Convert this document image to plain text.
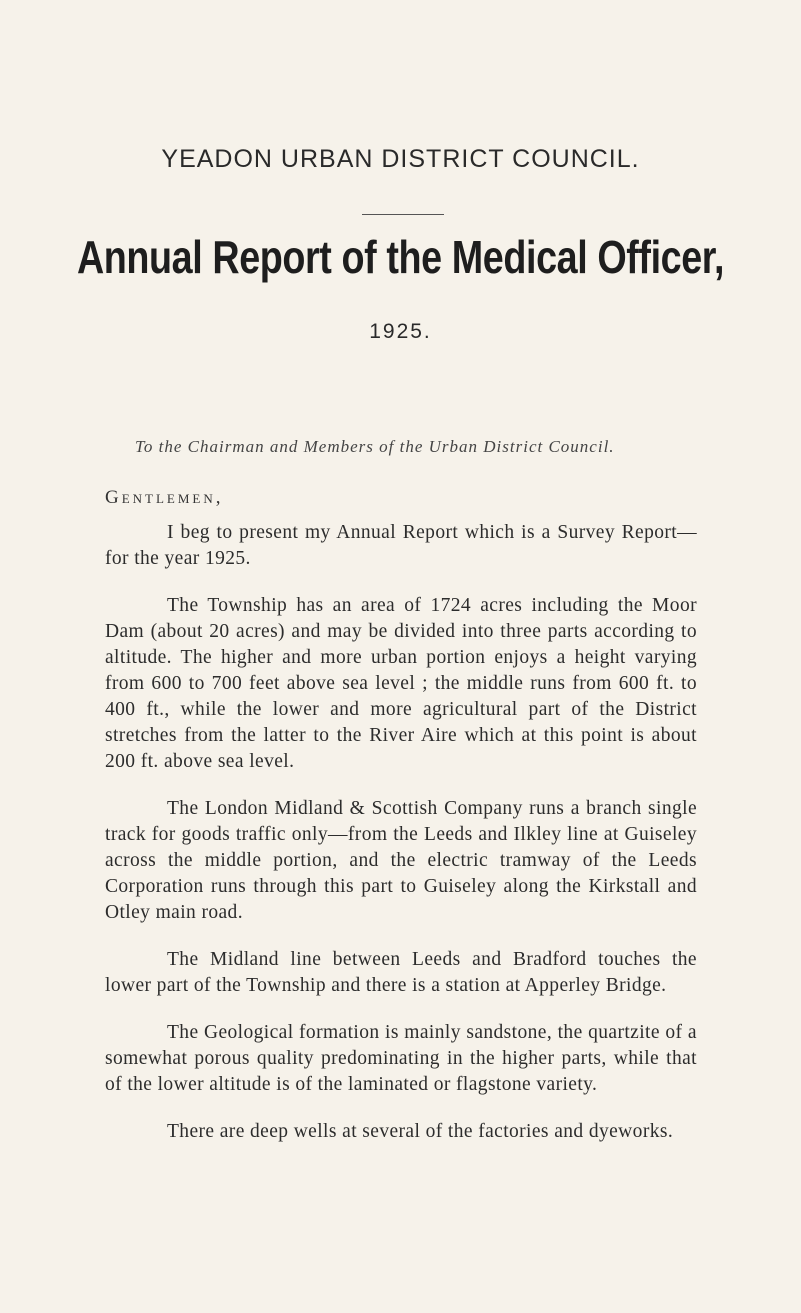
YEADON URBAN DISTRICT COUNCIL.
Annual Report of the Medical Officer,
1925.
To the Chairman and Members of the Urban District Council.
Gentlemen,

I beg to present my Annual Report which is a Survey Report—for the year 1925.

The Township has an area of 1724 acres including the Moor Dam (about 20 acres) and may be divided into three parts according to altitude. The higher and more urban portion enjoys a height varying from 600 to 700 feet above sea level ; the middle runs from 600 ft. to 400 ft., while the lower and more agricultural part of the District stretches from the latter to the River Aire which at this point is about 200 ft. above sea level.

The London Midland & Scottish Company runs a branch single track for goods traffic only—from the Leeds and Ilkley line at Guiseley across the middle portion, and the electric tramway of the Leeds Corporation runs through this part to Guiseley along the Kirkstall and Otley main road.

The Midland line between Leeds and Bradford touches the lower part of the Township and there is a station at Apperley Bridge.

The Geological formation is mainly sandstone, the quartzite of a somewhat porous quality predominating in the higher parts, while that of the lower altitude is of the laminated or flagstone variety.

There are deep wells at several of the factories and dyeworks.
